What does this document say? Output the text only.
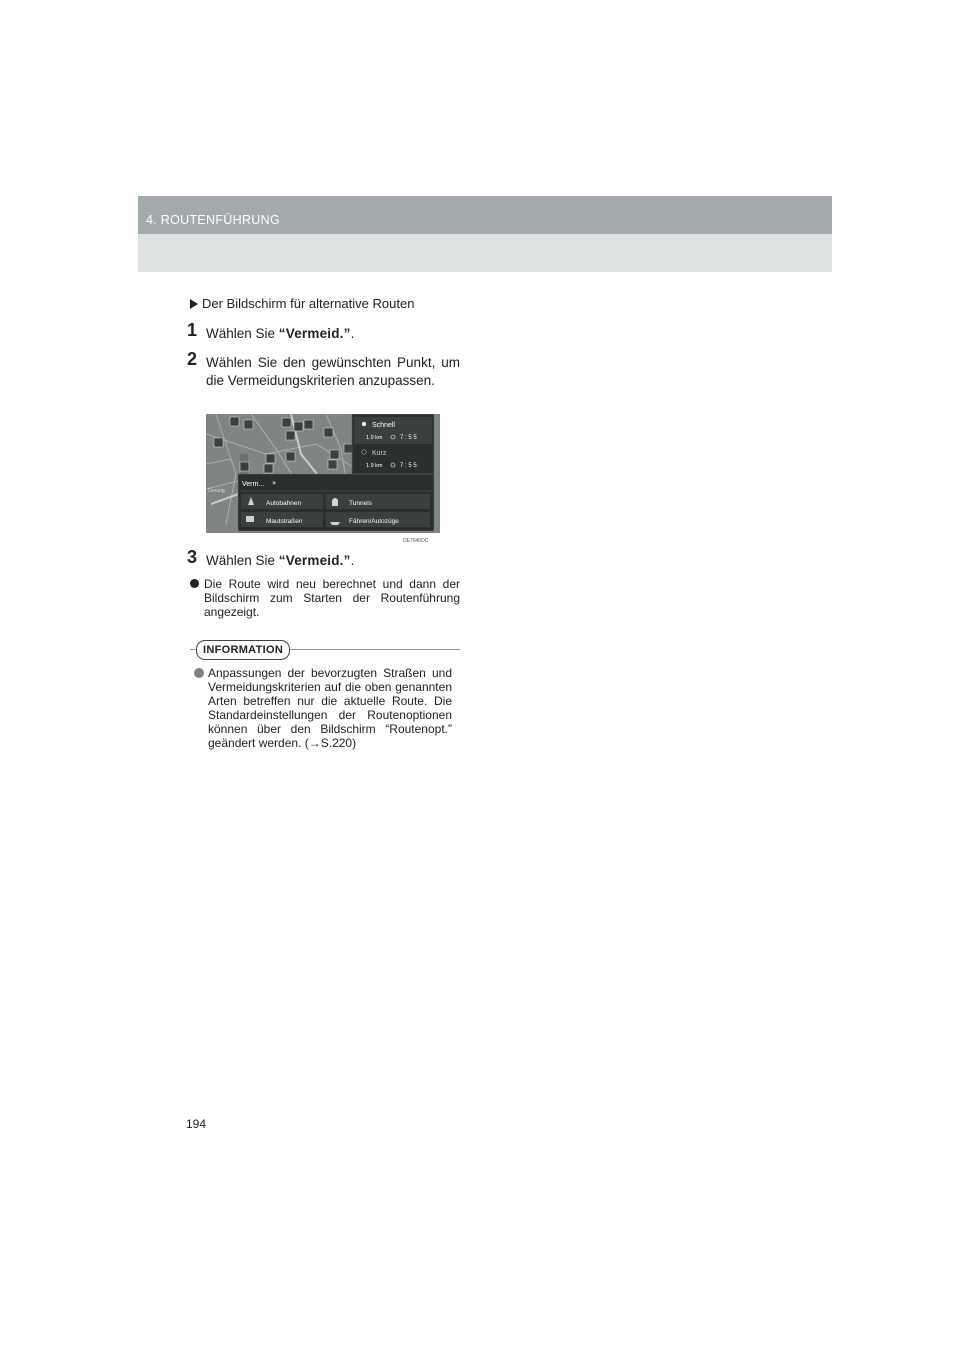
4. ROUTENFÜHRUNG
Der Bildschirm für alternative Routen
1 Wählen Sie “Vermeid.”.
2 Wählen Sie den gewünschten Punkt, um die Vermeidungskriterien anzupassen.
Gerung
Schnell
1.9 km	7 : 5 5
Kurz
1.9 km	7 : 5 5
Verm... »
Autobahnen	Tunnels
Mautstraßen	Fähren/Autozüge
DE7040DC
3 Wählen Sie “Vermeid.”.
Die Route wird neu berechnet und dann der Bildschirm zum Starten der Routenführung angezeigt.
INFORMATION
Anpassungen der bevorzugten Straßen und Vermeidungskriterien auf die oben genannten Arten betreffen nur die aktuelle Route. Die Standardeinstellungen der Routenoptionen können über den Bildschirm “Routenopt.” geändert werden. (→S.220)
194
